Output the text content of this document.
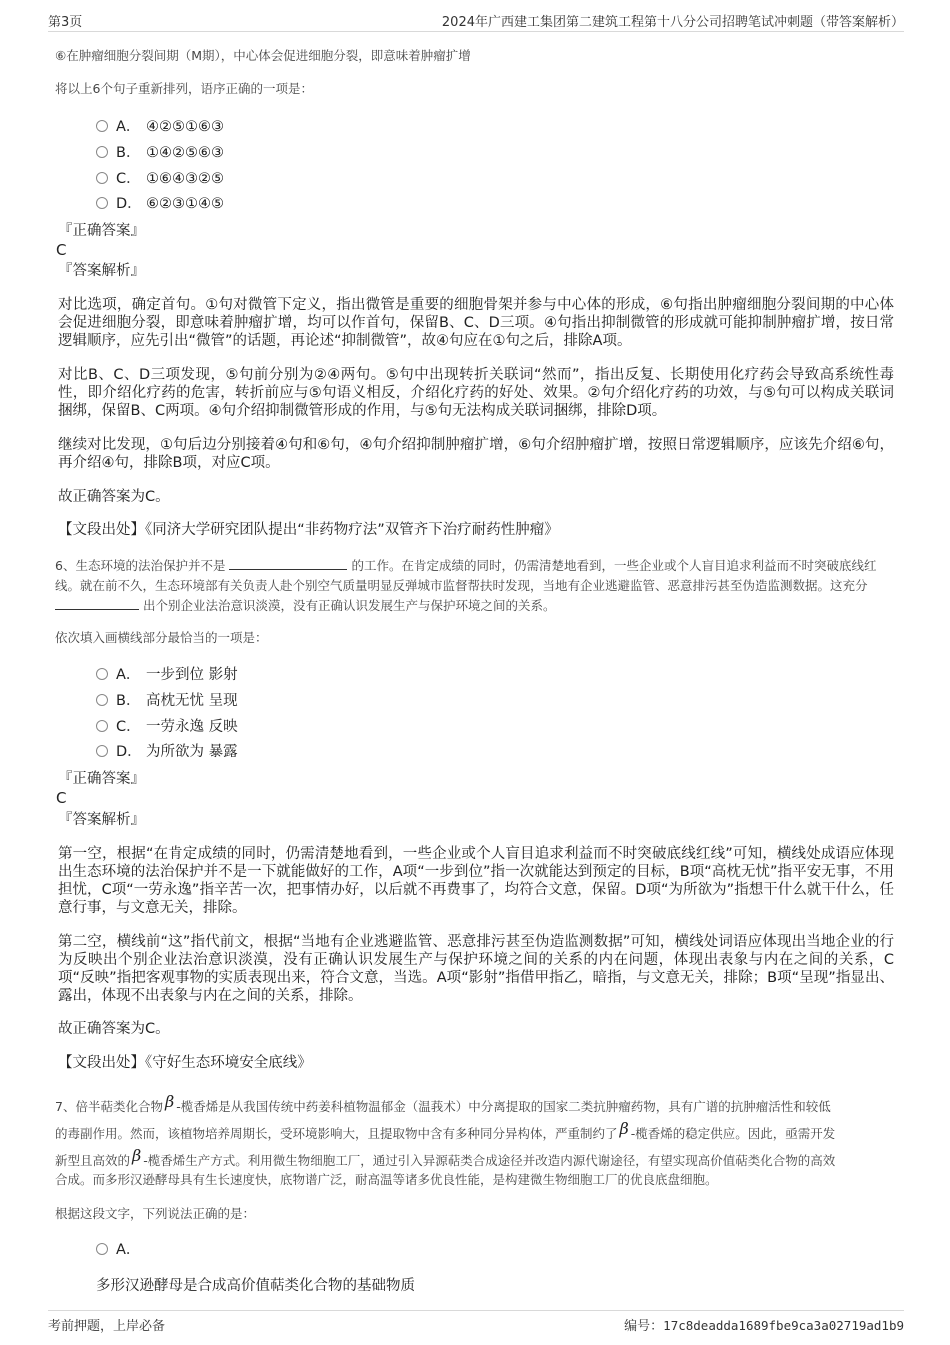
第3页	2024年广西建工集团第二建筑工程第十八分公司招聘笔试冲刺题（带答案解析）
⑥在肿瘤细胞分裂间期（M期），中心体会促进细胞分裂，即意味着肿瘤扩增
将以上6个句子重新排列，语序正确的一项是：
A． ④②⑤①⑥③
B． ①④②⑤⑥③
C． ①⑥④③②⑤
D． ⑥②③①④⑤
『正确答案』
C
『答案解析』
对比选项，确定首句。①句对微管下定义，指出微管是重要的细胞骨架并参与中心体的形成，⑥句指出肿瘤细胞分裂间期的中心体会促进细胞分裂，即意味着肿瘤扩增，均可以作首句，保留B、C、D三项。④句指出抑制微管的形成就可能抑制肿瘤扩增，按日常逻辑顺序，应先引出“微管”的话题，再论述“抑制微管”，故④句应在①句之后，排除A项。
对比B、C、D三项发现，⑤句前分别为②④两句。⑤句中出现转折关联词“然而”，指出反复、长期使用化疗药会导致高系统性毒性，即介绍化疗药的危害，转折前应与⑤句语义相反，介绍化疗药的好处、效果。②句介绍化疗药的功效，与⑤句可以构成关联词捆绑，保留B、C两项。④句介绍抑制微管形成的作用，与⑤句无法构成关联词捆绑，排除D项。
继续对比发现，①句后边分别接着④句和⑥句，④句介绍抑制肿瘤扩增，⑥句介绍肿瘤扩增，按照日常逻辑顺序，应该先介绍⑥句，再介绍④句，排除B项，对应C项。
故正确答案为C。
【文段出处】《同济大学研究团队提出“非药物疗法”双管齐下治疗耐药性肿瘤》
6、生态环境的法治保护并不是	的工作。在肯定成绩的同时，仍需清楚地看到，一些企业或个人盲目追求利益而不时突破底线红线。就在前不久，生态环境部有关负责人赴个别空气质量明显反弹城市监督帮扶时发现，当地有企业逃避监管、恶意排污甚至伪造监测数据。这充分  出个别企业法治意识淡漠，没有正确认识发展生产与保护环境之间的关系。
依次填入画横线部分最恰当的一项是：
A． 一步到位 影射
B． 高枕无忧 呈现
C． 一劳永逸 反映
D． 为所欲为 暴露
『正确答案』
C
『答案解析』
第一空，根据“在肯定成绩的同时，仍需清楚地看到，一些企业或个人盲目追求利益而不时突破底线红线”可知，横线处成语应体现出生态环境的法治保护并不是一下就能做好的工作，A项“一步到位”指一次就能达到预定的目标，B项“高枕无忧”指平安无事，不用担忧，C项“一劳永逸”指辛苦一次，把事情办好，以后就不再费事了，均符合文意，保留。D项“为所欲为”指想干什么就干什么，任意行事，与文意无关，排除。
第二空，横线前“这”指代前文，根据“当地有企业逃避监管、恶意排污甚至伪造监测数据”可知，横线处词语应体现出当地企业的行为反映出个别企业法治意识淡漠，没有正确认识发展生产与保护环境之间的关系的内在问题，体现出表象与内在之间的关系，C项“反映”指把客观事物的实质表现出来，符合文意，当选。A项“影射”指借甲指乙，暗指，与文意无关，排除；B项“呈现”指显出、露出，体现不出表象与内在之间的关系，排除。
故正确答案为C。
【文段出处】《守好生态环境安全底线》
7、倍半萜类化合物 β -榄香烯是从我国传统中药姜科植物温郁金（温莪术）中分离提取的国家二类抗肿瘤药物，具有广谱的抗肿瘤活性和较低
的毒副作用。然而，该植物培养周期长，受环境影响大，且提取物中含有多种同分异构体，严重制约了 β -榄香烯的稳定供应。因此，亟需开发
新型且高效的 β -榄香烯生产方式。利用微生物细胞工厂，通过引入异源萜类合成途径并改造内源代谢途径，有望实现高价值萜类化合物的高效
合成。而多形汉逊酵母具有生长速度快，底物谱广泛，耐高温等诸多优良性能，是构建微生物细胞工厂的优良底盘细胞。
根据这段文字，下列说法正确的是：
A．
多形汉逊酵母是合成高价值萜类化合物的基础物质
考前押题，上岸必备	编号：17c8deadda1689fbe9ca3a02719ad1b9
